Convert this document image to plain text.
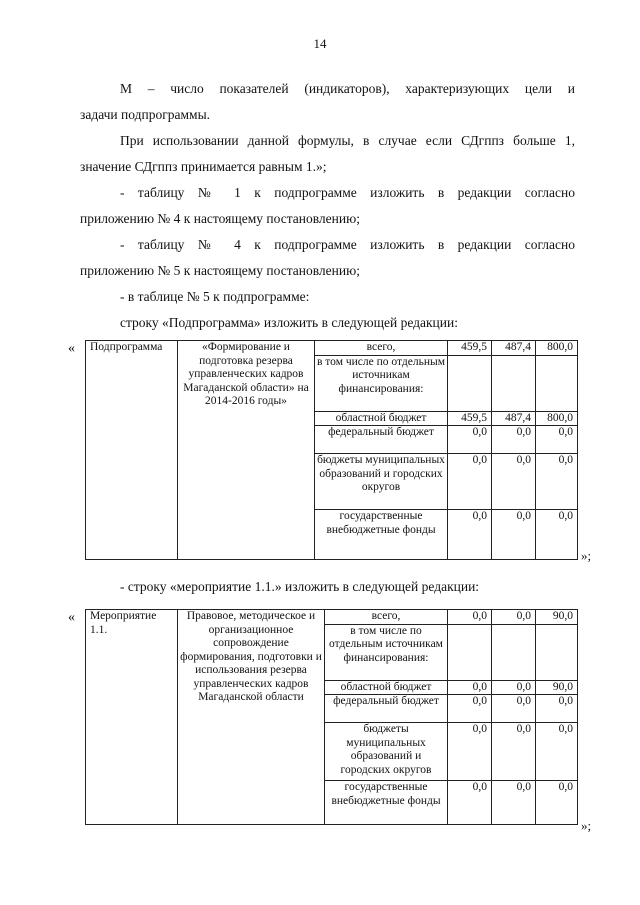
14
М – число показателей (индикаторов), характеризующих цели и
задачи подпрограммы.
При использовании данной формулы, в случае если СДгппз больше 1,
значение СДгппз принимается равным 1.»;
- таблицу № 1 к подпрограмме изложить в редакции согласно
приложению № 4 к настоящему постановлению;
- таблицу № 4 к подпрограмме изложить в редакции согласно
приложению № 5 к настоящему постановлению;
- в таблице № 5 к подпрограмме:
строку «Подпрограмма» изложить в следующей редакции:
« Подпрограмма	«Формирование и подготовка резерва управленческих кадров Магаданской области» на 2014-2016 годы»	всего,	459,5	487,4	800,0
		в том числе по отдельным источникам финансирования:			
		областной бюджет	459,5	487,4	800,0
		федеральный бюджет	0,0	0,0	0,0
		бюджеты муниципальных образований и городских округов	0,0	0,0	0,0
		государственные внебюджетные фонды	0,0	0,0	0,0
»;
- строку «мероприятие 1.1.» изложить в следующей редакции:
« Мероприятие 1.1.	Правовое, методическое и организационное сопровождение формирования, подготовки и использования резерва управленческих кадров Магаданской области	всего,	0,0	0,0	90,0
		в том числе по отдельным источникам финансирования:			
		областной бюджет	0,0	0,0	90,0
		федеральный бюджет	0,0	0,0	0,0
		бюджеты муниципальных образований и городских округов	0,0	0,0	0,0
		государственные внебюджетные фонды	0,0	0,0	0,0
»;
